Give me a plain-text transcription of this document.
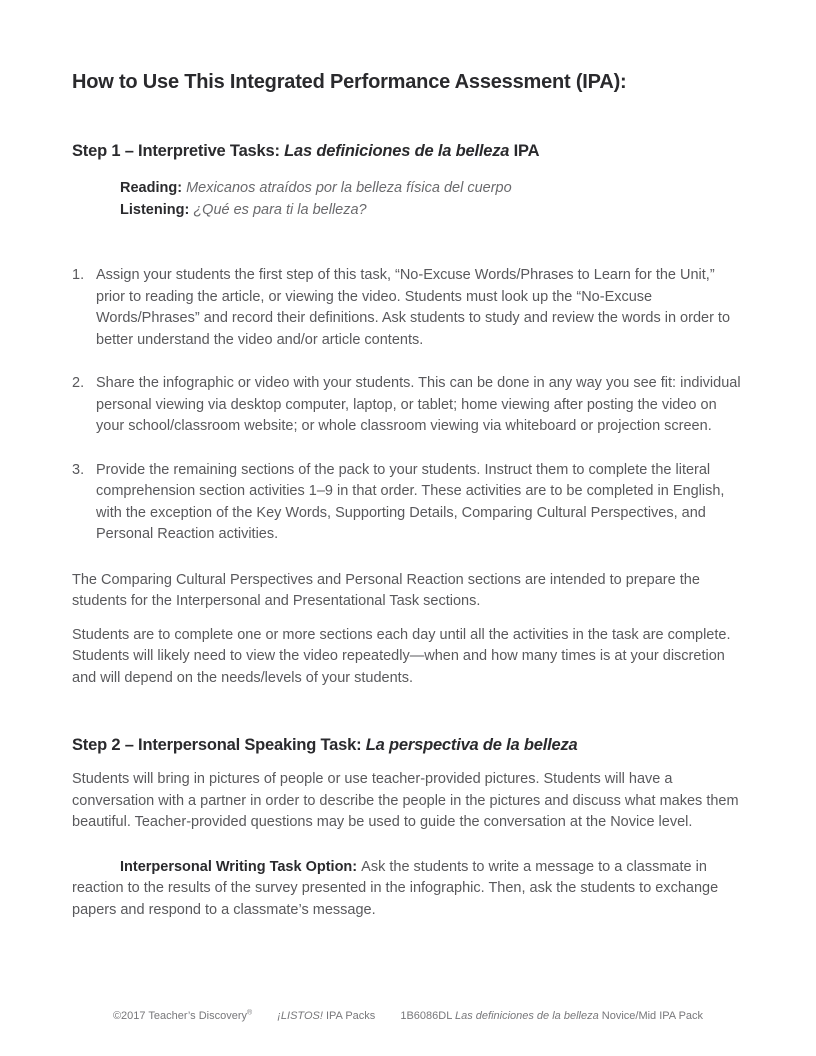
How to Use This Integrated Performance Assessment (IPA):
Step 1 – Interpretive Tasks: Las definiciones de la belleza IPA
Reading: Mexicanos atraídos por la belleza física del cuerpo
Listening: ¿Qué es para ti la belleza?
1. Assign your students the first step of this task, “No-Excuse Words/Phrases to Learn for the Unit,” prior to reading the article, or viewing the video. Students must look up the “No-Excuse Words/Phrases” and record their definitions. Ask students to study and review the words in order to better understand the video and/or article contents.
2. Share the infographic or video with your students. This can be done in any way you see fit: individual personal viewing via desktop computer, laptop, or tablet; home viewing after posting the video on your school/classroom website; or whole classroom viewing via whiteboard or projection screen.
3. Provide the remaining sections of the pack to your students. Instruct them to complete the literal comprehension section activities 1–9 in that order. These activities are to be completed in English, with the exception of the Key Words, Supporting Details, Comparing Cultural Perspectives, and Personal Reaction activities.

The Comparing Cultural Perspectives and Personal Reaction sections are intended to prepare the students for the Interpersonal and Presentational Task sections.

Students are to complete one or more sections each day until all the activities in the task are complete. Students will likely need to view the video repeatedly—when and how many times is at your discretion and will depend on the needs/levels of your students.

Step 2 – Interpersonal Speaking Task: La perspectiva de la belleza

Students will bring in pictures of people or use teacher-provided pictures. Students will have a conversation with a partner in order to describe the people in the pictures and discuss what makes them beautiful. Teacher-provided questions may be used to guide the conversation at the Novice level.

Interpersonal Writing Task Option: Ask the students to write a message to a classmate in reaction to the results of the survey presented in the infographic. Then, ask the students to exchange papers and respond to a classmate’s message.

©2017 Teacher’s Discovery® ¡LISTOS! IPA Packs 1B6086DL Las definiciones de la belleza Novice/Mid IPA Pack
